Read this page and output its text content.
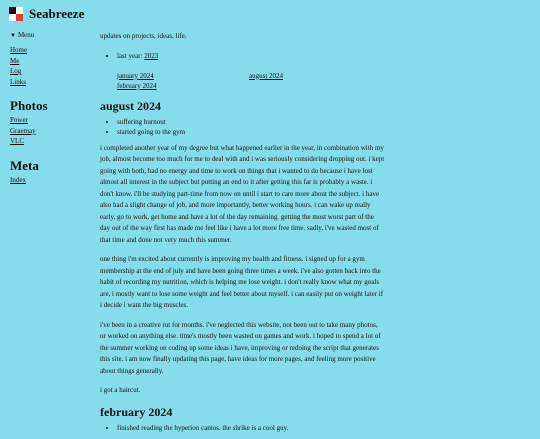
Seabreeze
▼ Menu
Home
Me
Log
Links
Photos
Power
Graemay
VLC
Meta
Index

updates on projects, ideas, life.

• last year: 2023
january 2024	august 2024
february 2024
august 2024
• suffering burnout
• started going to the gym

i completed another year of my degree but what happened earlier in the year, in combination with my job, almost become too much for me to deal with and i was seriously considering dropping out. i kept going with both, had no energy and time to work on things that i wanted to do because i have lost almost all interest in the subject but putting an end to it after getting this far is probably a waste. i don't know. i'll be studying part-time from now on until i start to care more about the subject. i have also had a slight change of job, and more importantly, better working hours. i can wake up really early, go to work, get home and have a lot of the day remaining. getting the most worst part of the day out of the way first has made me feel like i have a lot more free time. sadly, i've wasted most of that time and done not very much this summer.

one thing i'm excited about currently is improving my health and fitness. i signed up for a gym membership at the end of july and have been going three times a week. i've also gotten back into the habit of recording my nutrition, which is helping me lose weight. i don't really know what my goals are, i mostly want to lose some weight and feel better about myself. i can easily put on weight later if i decide i want the big muscles.

i've been in a creative rut for months. i've neglected this website, not been out to take many photos, or worked on anything else. time's mostly been wasted on games and work. i hoped to spend a lot of the summer working on coding up some ideas i have, improving or redoing the script that generates this site. i am now finally updating this page, have ideas for more pages, and feeling more positive about things generally.

i got a haircut.

february 2024
• finished reading the hyperion cantos. the shrike is a cool guy.
